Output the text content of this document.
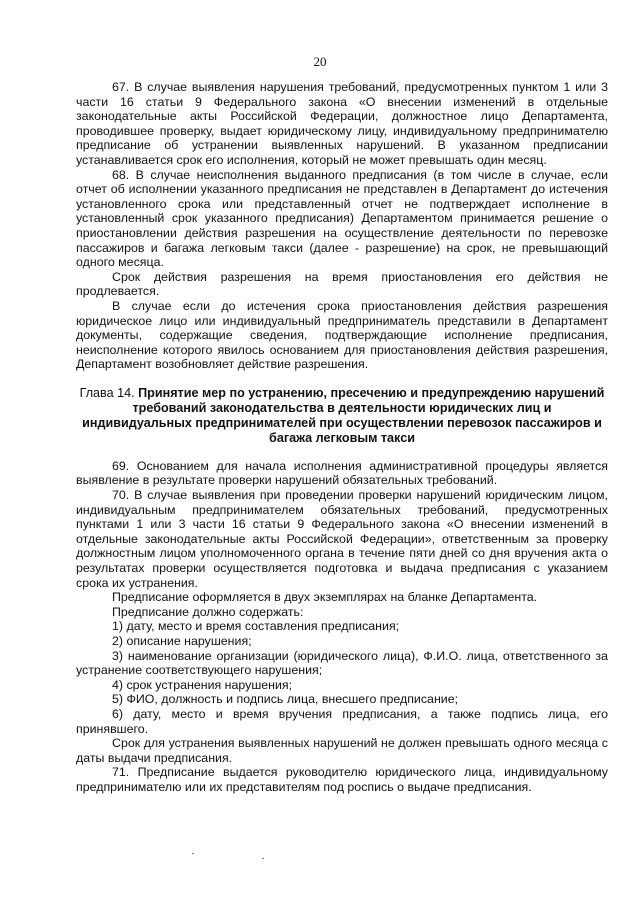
20

67. В случае выявления нарушения требований, предусмотренных пунктом 1 или 3 части 16 статьи 9 Федерального закона «О внесении изменений в отдельные законодательные акты Российской Федерации, должностное лицо Департамента, проводившее проверку, выдает юридическому лицу, индивидуальному предпринимателю предписание об устранении выявленных нарушений. В указанном предписании устанавливается срок его исполнения, который не может превышать один месяц.

68. В случае неисполнения выданного предписания (в том числе в случае, если отчет об исполнении указанного предписания не представлен в Департамент до истечения установленного срока или представленный отчет не подтверждает исполнение в установленный срок указанного предписания) Департаментом принимается решение о приостановлении действия разрешения на осуществление деятельности по перевозке пассажиров и багажа легковым такси (далее - разрешение) на срок, не превышающий одного месяца.

Срок действия разрешения на время приостановления его действия не продлевается.

В случае если до истечения срока приостановления действия разрешения юридическое лицо или индивидуальный предприниматель представили в Департамент документы, содержащие сведения, подтверждающие исполнение предписания, неисполнение которого явилось основанием для приостановления действия разрешения, Департамент возобновляет действие разрешения.

Глава 14. Принятие мер по устранению, пресечению и предупреждению нарушений требований законодательства в деятельности юридических лиц и индивидуальных предпринимателей при осуществлении перевозок пассажиров и багажа легковым такси

69. Основанием для начала исполнения административной процедуры является выявление в результате проверки нарушений обязательных требований.

70. В случае выявления при проведении проверки нарушений юридическим лицом, индивидуальным предпринимателем обязательных требований, предусмотренных пунктами 1 или 3 части 16 статьи 9 Федерального закона «О внесении изменений в отдельные законодательные акты Российской Федерации», ответственным за проверку должностным лицом уполномоченного органа в течение пяти дней со дня вручения акта о результатах проверки осуществляется подготовка и выдача предписания с указанием срока их устранения.

Предписание оформляется в двух экземплярах на бланке Департамента.

Предписание должно содержать:

1) дату, место и время составления предписания;

2) описание нарушения;

3) наименование организации (юридического лица), Ф.И.О. лица, ответственного за устранение соответствующего нарушения;

4) срок устранения нарушения;

5) ФИО, должность и подпись лица, внесшего предписание;

6) дату, место и время вручения предписания, а также подпись лица, его принявшего.

Срок для устранения выявленных нарушений не должен превышать одного месяца с даты выдачи предписания.

71. Предписание выдается руководителю юридического лица, индивидуальному предпринимателю или их представителям под роспись о выдаче предписания.
